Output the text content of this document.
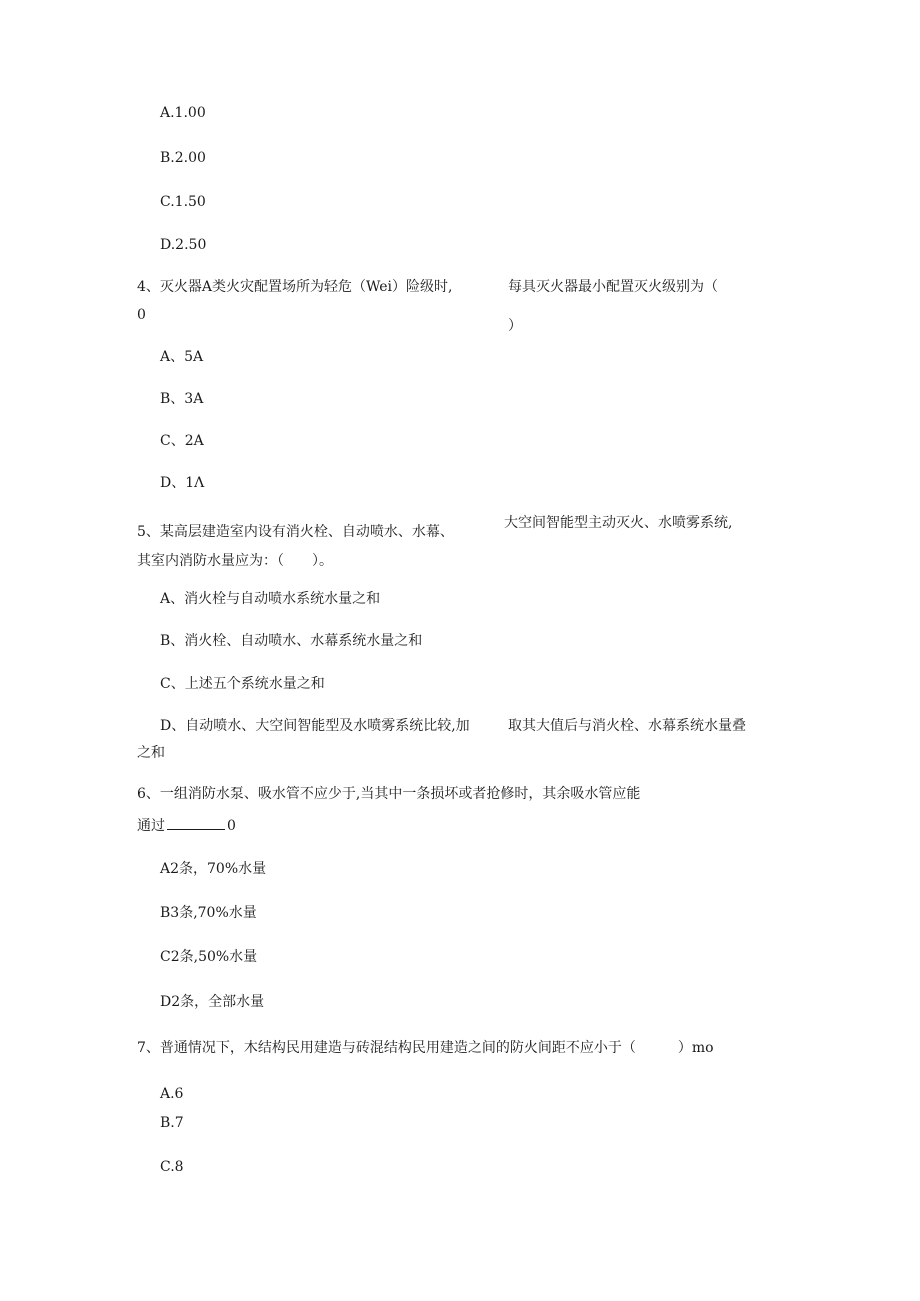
A.1.00
B.2.00
C.1.50
D.2.50
4、灭火器A类火灾配置场所为轻危（Wei）险级时,
0
每具灭火器最小配置灭火级别为（
）
A、5A
B、3A
C、2A
D、1Λ
5、某高层建造室内设有消火栓、自动喷水、水幕、
大空间智能型主动灭火、水喷雾系统,
其室内消防水量应为：（　　）。
A、消火栓与自动喷水系统水量之和
B、消火栓、自动喷水、水幕系统水量之和
C、上述五个系统水量之和
D、自动喷水、大空间智能型及水喷雾系统比较,加	取其大值后与消火栓、水幕系统水量叠
之和
6、一组消防水泵、吸水管不应少于,当其中一条损坏或者抢修时，其余吸水管应能
通过	0
A2条，70%水量
B3条,70%水量
C2条,50%水量
D2条，全部水量
7、普通情况下，木结构民用建造与砖混结构民用建造之间的防火间距不应小于（　　　）mo
A.6
B.7
C.8
